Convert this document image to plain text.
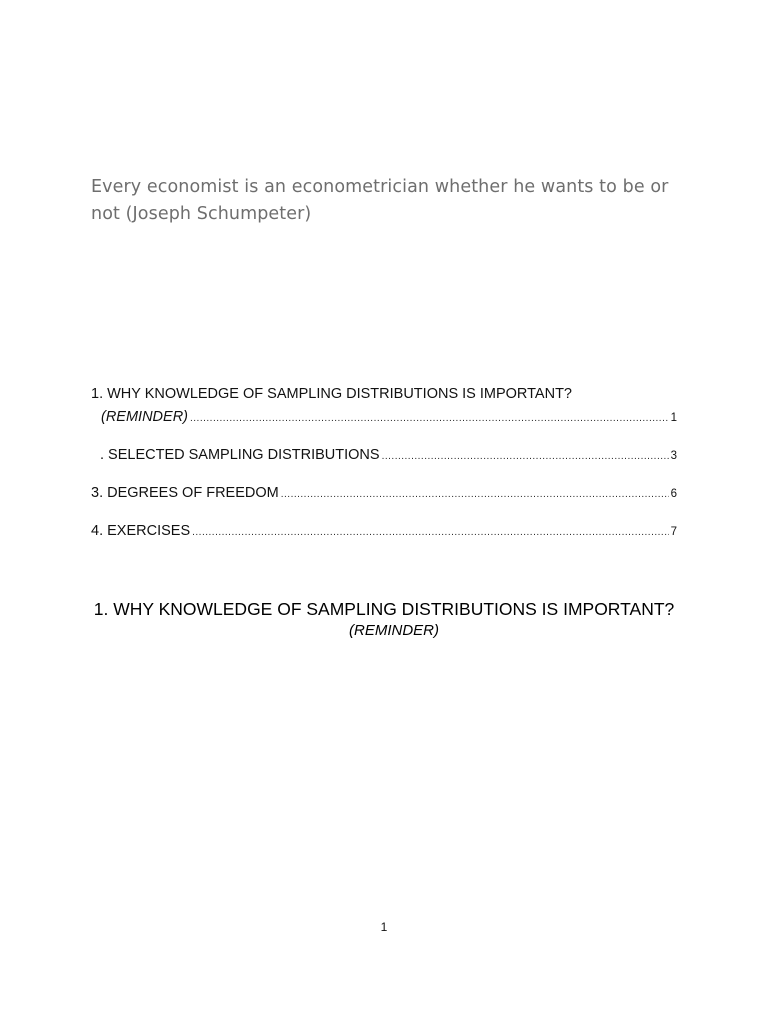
Every economist is an econometrician whether he wants to be or
not (Joseph Schumpeter)
1. WHY KNOWLEDGE OF SAMPLING DISTRIBUTIONS IS IMPORTANT?
(REMINDER) .....	1
. SELECTED SAMPLING DISTRIBUTIONS .....	3
3. DEGREES OF FREEDOM .....	6
4. EXERCISES .....	7
1. WHY KNOWLEDGE OF SAMPLING DISTRIBUTIONS IS IMPORTANT?
(REMINDER)
1
